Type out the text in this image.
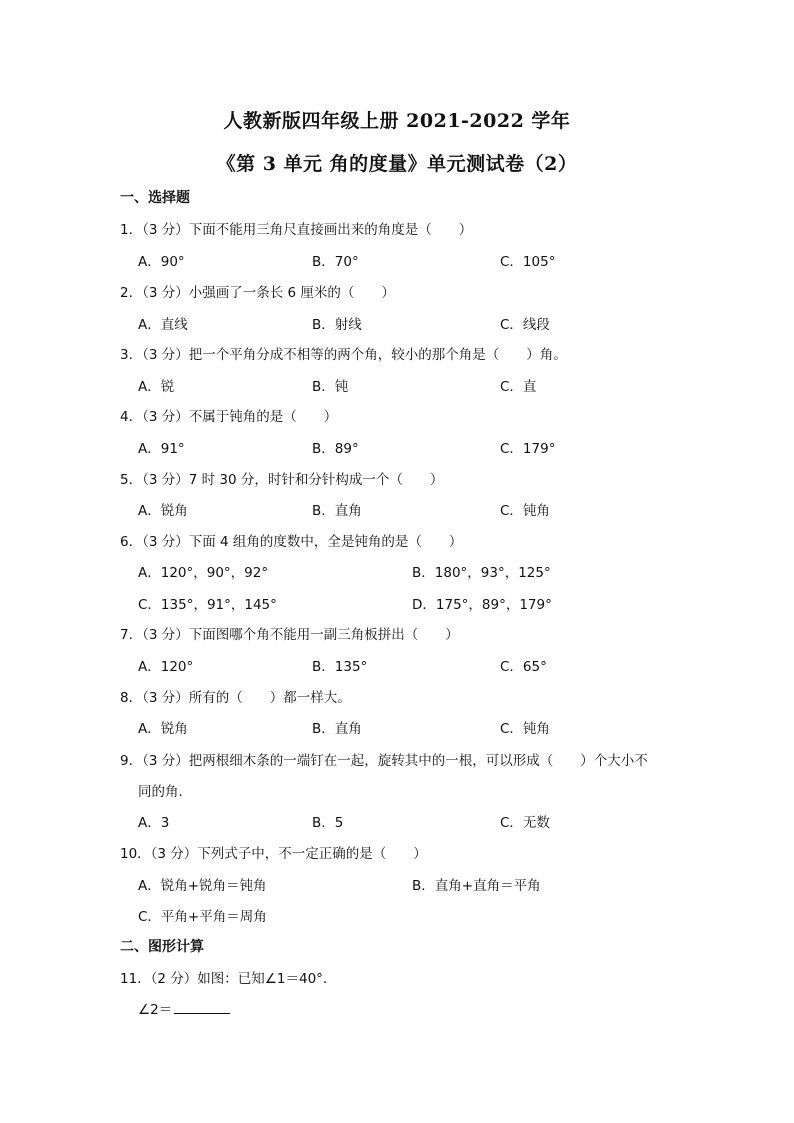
人教新版四年级上册 2021-2022 学年
《第 3 单元 角的度量》单元测试卷（2）
一、选择题
1．（3 分）下面不能用三角尺直接画出来的角度是（　　）
A．90°	B．70°	C．105°
2．（3 分）小强画了一条长 6 厘米的（　　）
A．直线	B．射线	C．线段
3．（3 分）把一个平角分成不相等的两个角，较小的那个角是（　　）角。
A．锐	B．钝	C．直
4．（3 分）不属于钝角的是（　　）
A．91°	B．89°	C．179°
5．（3 分）7 时 30 分，时针和分针构成一个（　　）
A．锐角	B．直角	C．钝角
6．（3 分）下面 4 组角的度数中，全是钝角的是（　　）
A．120°，90°，92°	B．180°，93°，125°
C．135°，91°，145°	D．175°，89°，179°
7．（3 分）下面图哪个角不能用一副三角板拼出（　　）
A．120°	B．135°	C．65°
8．（3 分）所有的（　　）都一样大。
A．锐角	B．直角	C．钝角
9．（3 分）把两根细木条的一端钉在一起，旋转其中的一根，可以形成（　　）个大小不
同的角．
A．3	B．5	C．无数
10．（3 分）下列式子中，不一定正确的是（　　）
A．锐角+锐角＝钝角	B．直角+直角＝平角
C．平角+平角＝周角
二、图形计算
11．（2 分）如图：已知∠1＝40°．
∠2＝
